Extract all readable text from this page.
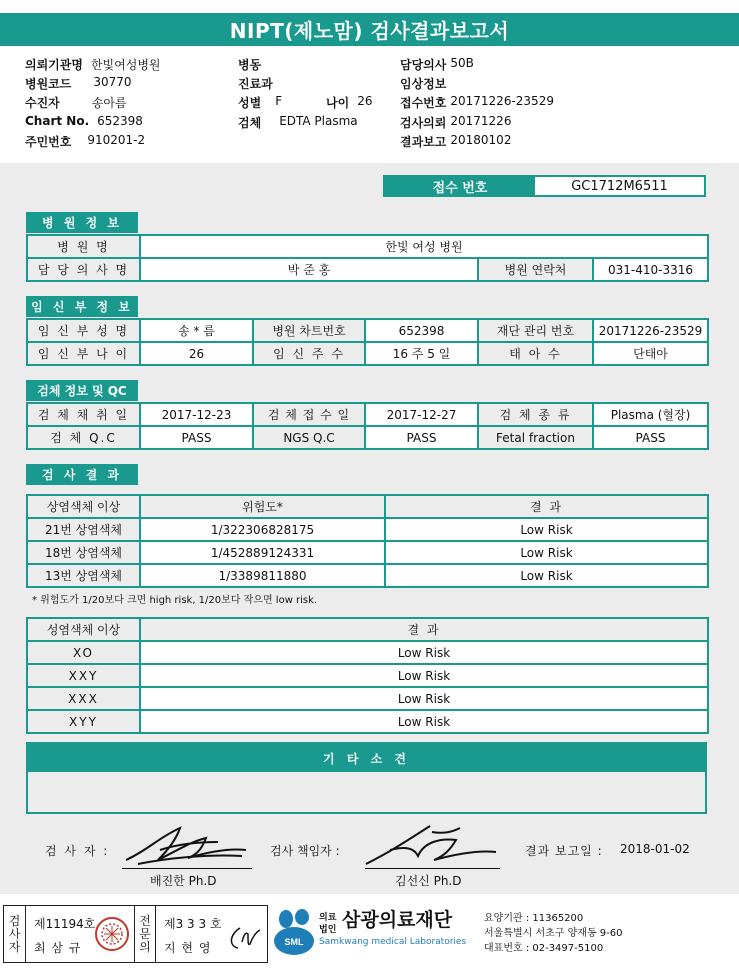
NIPT(제노맘) 검사결과보고서
의뢰기관명 한빛여성병원
병원코드 30770
수진자	송아름
Chart No. 652398
주민번호 910201-2
병동
진료과
성별 F
검체 EDTA Plasma
나이 26
담당의사 50B
임상정보
접수번호 20171226-23529
검사의뢰 20171226
결과보고 20180102
접수 번호	GC1712M6511
병 원 정 보
병 원 명	한빛 여성 병원		
담 당 의 사 명	박 준 홍	병원 연락처	031-410-3316
임 신 부 정 보
임 신 부 성 명	송 * 름	병원 차트번호	652398	재단 관리 번호	20171226-23529
임 신 부 나 이	26	임 신 주 수	16 주 5 일	태 아 수	단태아
검체 정보 및 QC
검 체 채 취 일	2017-12-23	검 체 접 수 일	2017-12-27	검 체 종 류	Plasma (혈장)
검 체 Q.C	PASS	NGS Q.C	PASS	Fetal fraction	PASS
검 사 결 과
상염색체 이상	위험도*	결 과
21번 상염색체	1/322306828175	Low Risk
18번 상염색체	1/452889124331	Low Risk
13번 상염색체	1/3389811880	Low Risk
* 위험도가 1/20보다 크면 high risk, 1/20보다 작으면 low risk.
성염색체 이상	결 과
XO	Low Risk
XXY	Low Risk
XXX	Low Risk
XYY	Low Risk
기 타 소 견
검 사 자 :
배진한 Ph.D
검사 책임자 :
김선신 Ph.D
결과 보고일 : 2018-01-02
검
사
자
제11194호
최 삼 규
전
문
의
제3 3 3 호
지 현 영	SML
의료
법인 삼광의료재단
Samkwang medical Laboratories
요양기관 : 11365200
서울특별시 서초구 양재동 9-60
대표번호 : 02-3497-5100
